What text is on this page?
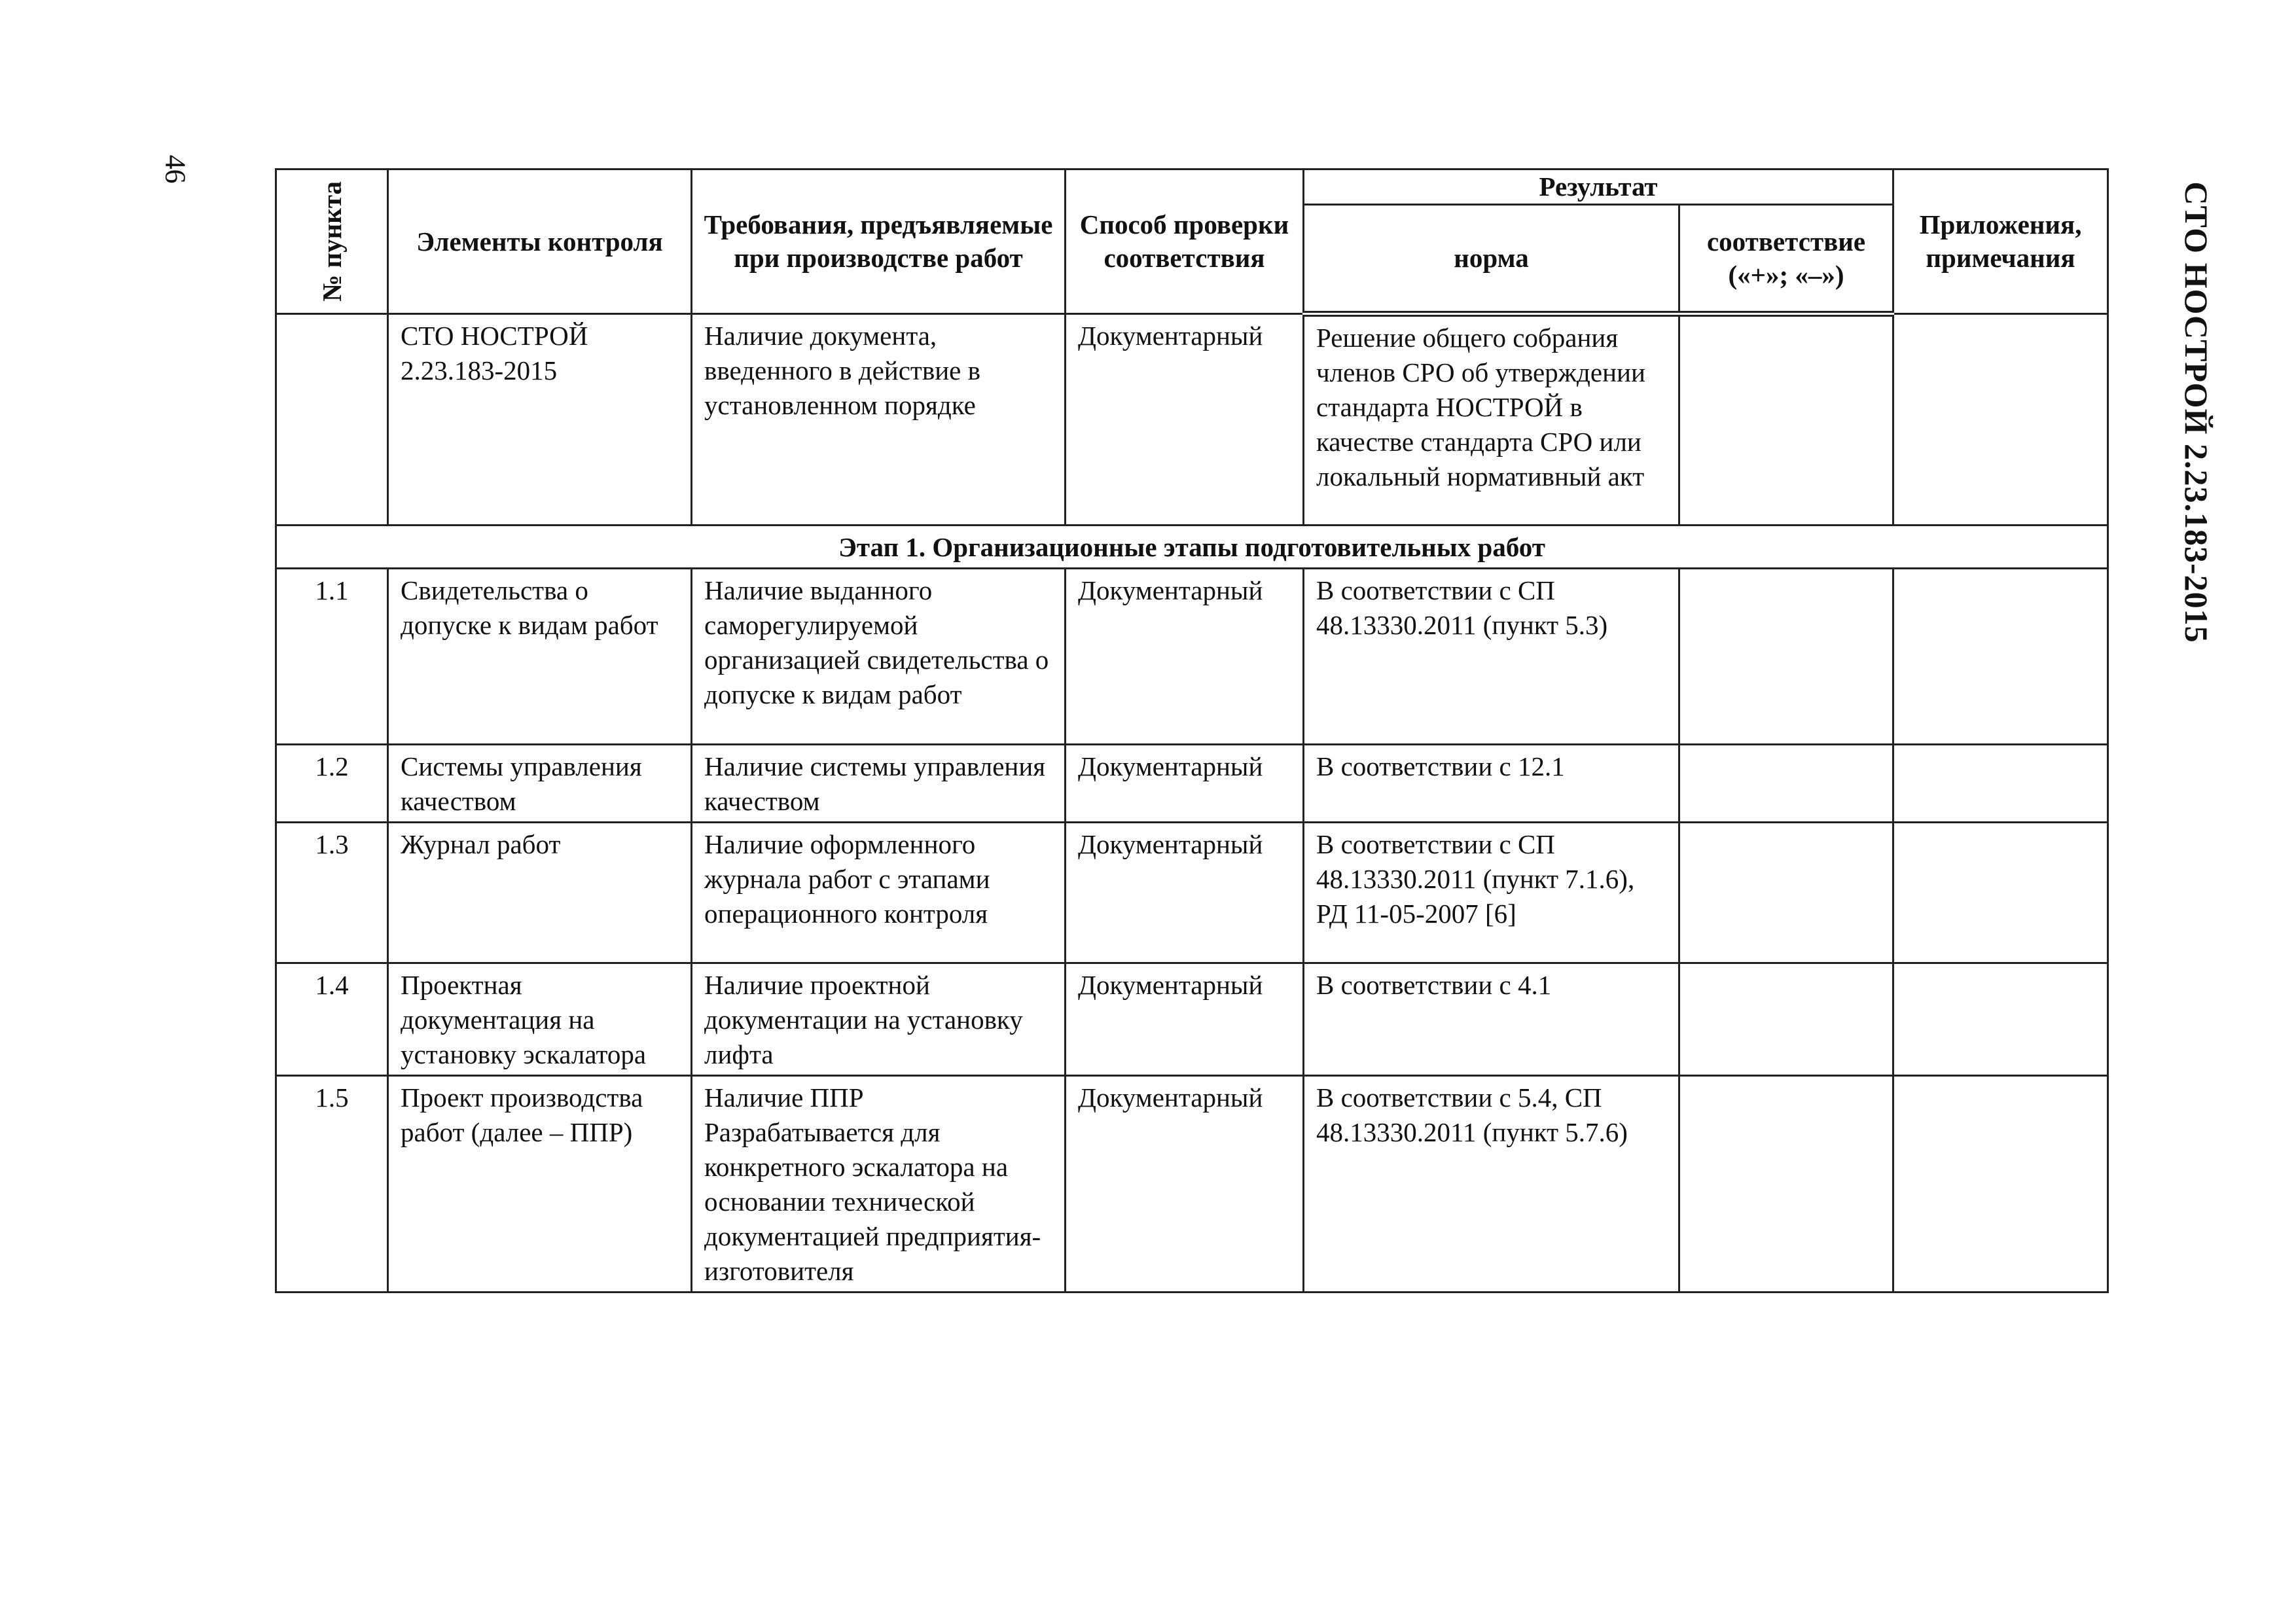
46
СТО НОСТРОЙ 2.23.183-2015
№ пункта	Элементы контроля	Требования, предъявляемые при производстве работ	Способ проверки соответствия	Результат		Приложения, примечания
				норма	соответствие («+»; «–»)	
	СТО НОСТРОЙ 2.23.183-2015	Наличие документа, введенного в действие в установленном порядке	Документарный	Решение общего собрания членов СРО об утверждении стандарта НОСТРОЙ в качестве стандарта СРО или локальный нормативный акт		
Этап 1. Организационные этапы подготовительных работ						
1.1	Свидетельства о допуске к видам работ	Наличие выданного саморегулируемой организацией свидетельства о допуске к видам работ	Документарный	В соответствии с СП 48.13330.2011 (пункт 5.3)		
1.2	Системы управления качеством	Наличие системы управления качеством	Документарный	В соответствии с 12.1		
1.3	Журнал работ	Наличие оформленного журнала работ с этапами операционного контроля	Документарный	В соответствии с СП 48.13330.2011 (пункт 7.1.6), РД 11-05-2007 [6]		
1.4	Проектная документация на установку эскалатора	Наличие проектной документации на установку лифта	Документарный	В соответствии с 4.1		
1.5	Проект производства работ (далее – ППР)	Наличие ППР Разрабатывается для конкретного эскалатора на основании технической документацией предприятия-изготовителя	Документарный	В соответствии с 5.4, СП 48.13330.2011 (пункт 5.7.6)		
